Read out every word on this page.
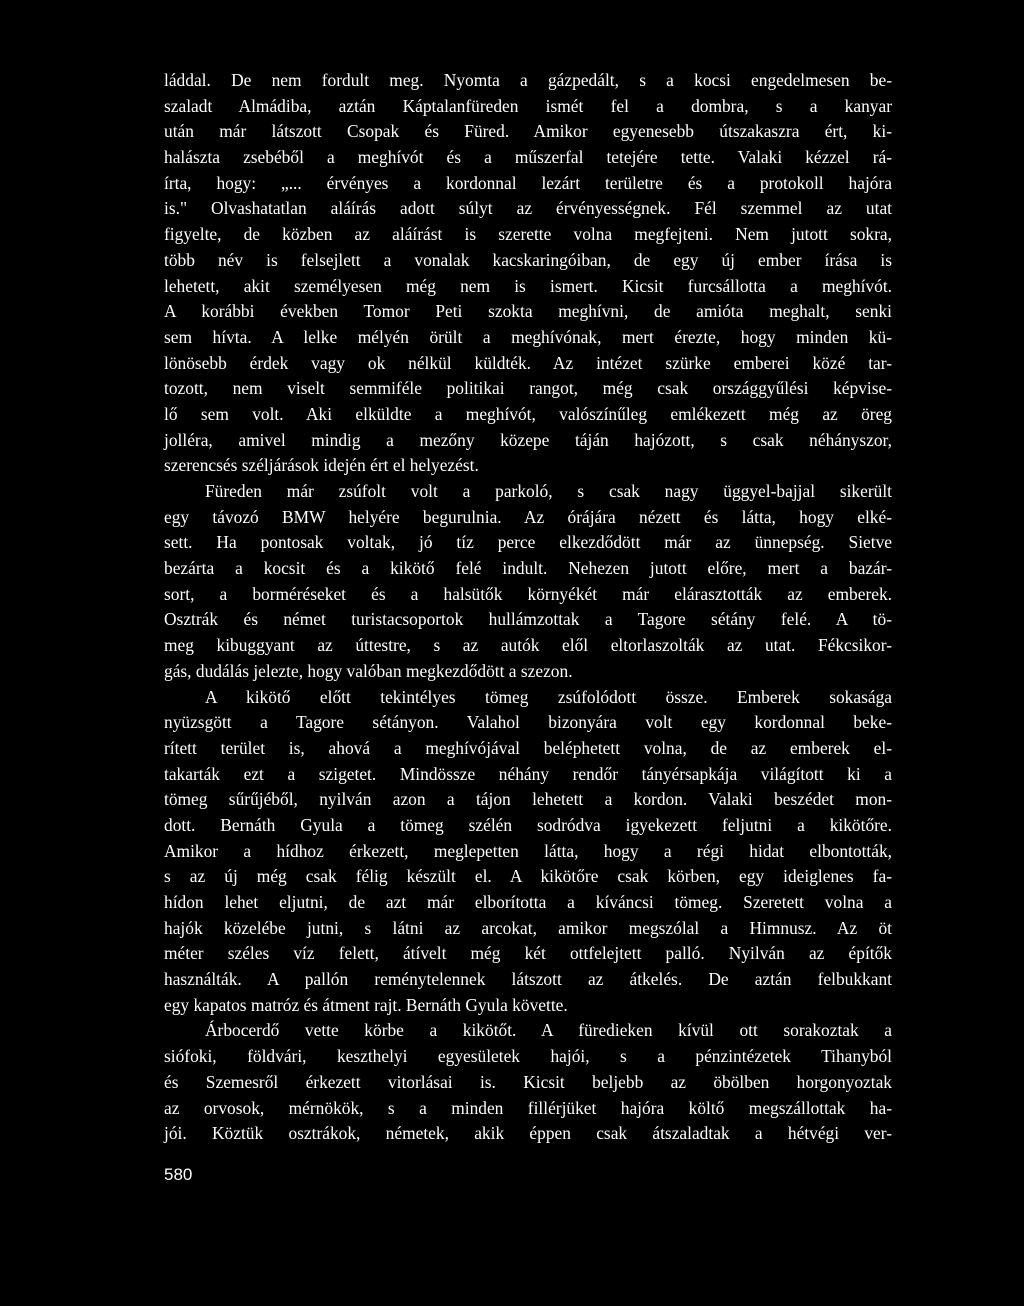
láddal. De nem fordult meg. Nyomta a gázpedált, s a kocsi engedelmesen be-
szaladt Almádiba, aztán Káptalanfüreden ismét fel a dombra, s a kanyar
után már látszott Csopak és Füred. Amikor egyenesebb útszakaszra ért, ki-
halászta zsebéből a meghívót és a műszerfal tetejére tette. Valaki kézzel rá-
írta, hogy: „... érvényes a kordonnal lezárt területre és a protokoll hajóra
is." Olvashatatlan aláírás adott súlyt az érvényességnek. Fél szemmel az utat
figyelte, de közben az aláírást is szerette volna megfejteni. Nem jutott sokra,
több név is felsejlett a vonalak kacskaringóiban, de egy új ember írása is
lehetett, akit személyesen még nem is ismert. Kicsit furcsállotta a meghívót.
A korábbi években Tomor Peti szokta meghívni, de amióta meghalt, senki
sem hívta. A lelke mélyén örült a meghívónak, mert érezte, hogy minden kü-
lönösebb érdek vagy ok nélkül küldték. Az intézet szürke emberei közé tar-
tozott, nem viselt semmiféle politikai rangot, még csak országgyűlési képvise-
lő sem volt. Aki elküldte a meghívót, valószínűleg emlékezett még az öreg
jolléra, amivel mindig a mezőny közepe táján hajózott, s csak néhányszor,
szerencsés széljárások idején ért el helyezést.
Füreden már zsúfolt volt a parkoló, s csak nagy üggyel-bajjal sikerült
egy távozó BMW helyére begurulnia. Az órájára nézett és látta, hogy elké-
sett. Ha pontosak voltak, jó tíz perce elkezdődött már az ünnepség. Sietve
bezárta a kocsit és a kikötő felé indult. Nehezen jutott előre, mert a bazár-
sort, a borméréseket és a halsütők környékét már elárasztották az emberek.
Osztrák és német turistacsoportok hullámzottak a Tagore sétány felé. A tö-
meg kibuggyant az úttestre, s az autók elől eltorlaszolták az utat. Fékcsikor-
gás, dudálás jelezte, hogy valóban megkezdődött a szezon.
A kikötő előtt tekintélyes tömeg zsúfolódott össze. Emberek sokasága
nyüzsgött a Tagore sétányon. Valahol bizonyára volt egy kordonnal beke-
rített terület is, ahová a meghívójával beléphetett volna, de az emberek el-
takarták ezt a szigetet. Mindössze néhány rendőr tányérsapkája világított ki a
tömeg sűrűjéből, nyilván azon a tájon lehetett a kordon. Valaki beszédet mon-
dott. Bernáth Gyula a tömeg szélén sodródva igyekezett feljutni a kikötőre.
Amikor a hídhoz érkezett, meglepetten látta, hogy a régi hidat elbontották,
s az új még csak félig készült el. A kikötőre csak körben, egy ideiglenes fa-
hídon lehet eljutni, de azt már elborította a kíváncsi tömeg. Szeretett volna a
hajók közelébe jutni, s látni az arcokat, amikor megszólal a Himnusz. Az öt
méter széles víz felett, átívelt még két ottfelejtett palló. Nyilván az építők
használták. A pallón reménytelennek látszott az átkelés. De aztán felbukkant
egy kapatos matróz és átment rajt. Bernáth Gyula követte.
Árbocerdő vette körbe a kikötőt. A füredieken kívül ott sorakoztak a
siófoki, földvári, keszthelyi egyesületek hajói, s a pénzintézetek Tihanyból
és Szemesről érkezett vitorlásai is. Kicsit beljebb az öbölben horgonyoztak
az orvosok, mérnökök, s a minden fillérjüket hajóra költő megszállottak ha-
jói. Köztük osztrákok, németek, akik éppen csak átszaladtak a hétvégi ver-
580
